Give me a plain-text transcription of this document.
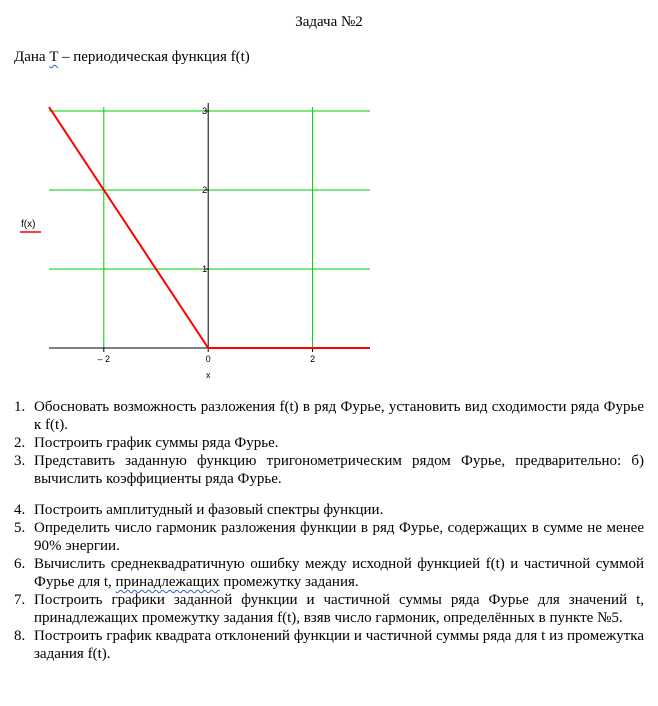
Задача №2
Дана T – периодическая функция f(t)
– 2	0	2
1
2
3
x
f(x)
1. Обосновать возможность разложения f(t) в ряд Фурье, установить вид сходимости ряда Фурье к f(t).
2. Построить график суммы ряда Фурье.
3. Представить заданную функцию тригонометрическим рядом Фурье, предварительно: б) вычислить коэффициенты ряда Фурье.
4. Построить амплитудный и фазовый спектры функции.
5. Определить число гармоник разложения функции в ряд Фурье, содержащих в сумме не менее 90% энергии.
6. Вычислить среднеквадратичную ошибку между исходной функцией f(t) и частичной суммой Фурье для t, принадлежащих промежутку задания.
7. Построить графики заданной функции и частичной суммы ряда Фурье для значений t, принадлежащих промежутку задания f(t), взяв число гармоник, определённых в пункте №5.
8. Построить график квадрата отклонений функции и частичной суммы ряда для t из промежутка задания f(t).
